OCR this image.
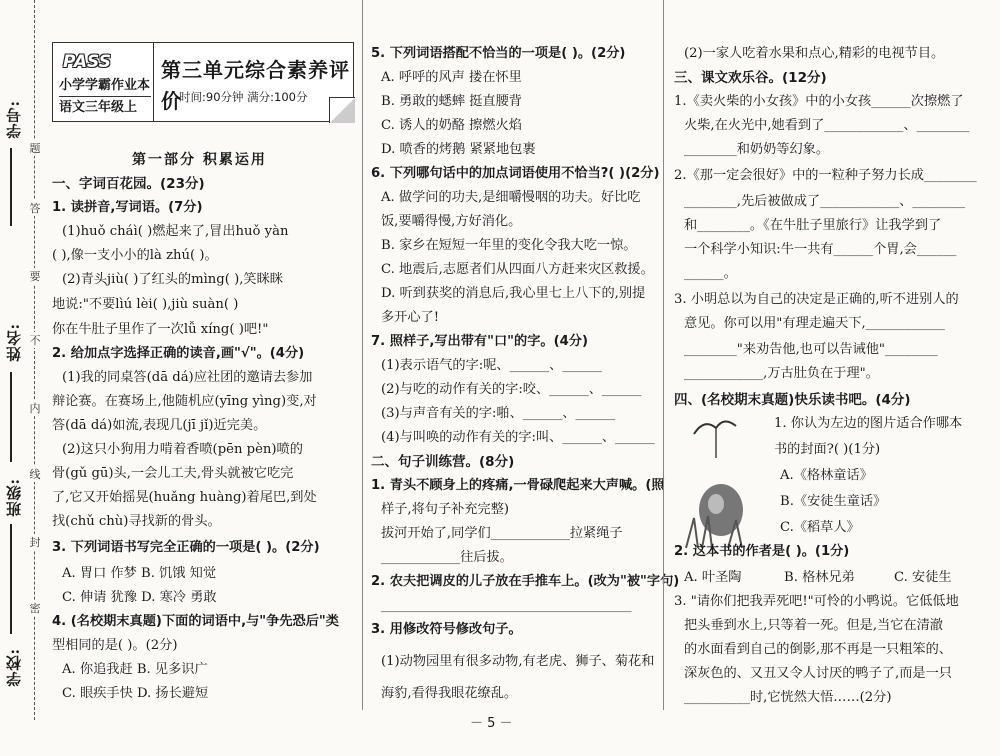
学号:
姓名:
班级:
学校:
题
答
要
不
内
线
封
密
PASS
小学学霸作业本
语文三年级上
第三单元综合素养评价
时间:90分钟 满分:100分
第一部分 积累运用
一、字词百花园。(23分)
1. 读拼音,写词语。(7分)
(1)huǒ cháì( )燃起来了,冒出huǒ yàn
( ),像一支小小的là zhú( )。
(2)青头jiù( )了红头的mìng( ),笑眯眯
地说:"不要lìú lèi( ),jiù suàn( )
你在牛肚子里作了一次lǚ xíng( )吧!"
2. 给加点字选择正确的读音,画"√"。(4分)
(1)我的同桌答(dā dá)应社团的邀请去参加
辩论赛。在赛场上,他随机应(yīng yìng)变,对
答(dā dá)如流,表现几(jī jǐ)近完美。
(2)这只小狗用力啃着香喷(pēn pèn)喷的
骨(gǔ gū)头,一会儿工夫,骨头就被它吃完
了,它又开始摇晃(huǎng huàng)着尾巴,到处
找(chǔ chù)寻找新的骨头。
3. 下列词语书写完全正确的一项是( )。(2分)
A. 胃口 作梦 B. 饥饿 知觉
C. 伸请 犹豫 D. 寒冷 勇敢
4. (名校期末真题)下面的词语中,与"争先恐后"类
型相同的是( )。(2分)
A. 你追我赶 B. 见多识广
C. 眼疾手快 D. 扬长避短
5. 下列词语搭配不恰当的一项是( )。(2分)
A. 呼呼的风声 搂在怀里
B. 勇敢的蟋蟀 挺直腰背
C. 诱人的奶酪 擦燃火焰
D. 喷香的烤鹅 紧紧地包裹
6. 下列哪句话中的加点词语使用不恰当?( )(2分)
A. 做学问的功夫,是细嚼慢咽的功夫。好比吃
饭,要嚼得慢,方好消化。
B. 家乡在短短一年里的变化令我大吃一惊。
C. 地震后,志愿者们从四面八方赶来灾区救援。
D. 听到获奖的消息后,我心里七上八下的,别提
多开心了!
7. 照样子,写出带有"口"的字。(4分)
(1)表示语气的字:呢、______、______
(2)与吃的动作有关的字:咬、______、______
(3)与声音有关的字:啪、______、______
(4)与叫唤的动作有关的字:叫、______、______
二、句子训练营。(8分)
1. 青头不顾身上的疼痛,一骨碌爬起来大声喊。(照
样子,将句子补充完整)
拔河开始了,同学们____________拉紧绳子
____________往后拔。
2. 农夫把调皮的儿子放在手推车上。(改为"被"字句)
______________________________________
3. 用修改符号修改句子。
(1)动物园里有很多动物,有老虎、狮子、菊花和
海豹,看得我眼花缭乱。
(2)一家人吃着水果和点心,精彩的电视节目。
三、课文欢乐谷。(12分)
1.《卖火柴的小女孩》中的小女孩______次擦燃了
火柴,在火光中,她看到了____________、________
________和奶奶等幻象。
2.《那一定会很好》中的一粒种子努力长成________
________,先后被做成了____________、________
和________。《在牛肚子里旅行》让我学到了
一个科学小知识:牛一共有______个胃,会______
______。
3. 小明总以为自己的决定是正确的,听不进别人的
意见。你可以用"有理走遍天下,____________
________"来劝告他,也可以告诫他"________
____________,万古肚负在于理"。
四、(名校期末真题)快乐读书吧。(4分)
1. 你认为左边的图片适合作哪本
书的封面?( )(1分)
A.《格林童话》
B.《安徒生童话》
C.《稻草人》
2. 这本书的作者是( )。(1分)
A. 叶圣陶	B. 格林兄弟	C. 安徒生
3. "请你们把我弄死吧!"可怜的小鸭说。它低低地
把头垂到水上,只等着一死。但是,当它在清澈
的水面看到自己的倒影,那不再是一只粗笨的、
深灰色的、又丑又令人讨厌的鸭子了,而是一只
__________时,它恍然大悟……(2分)
－ 5 －
